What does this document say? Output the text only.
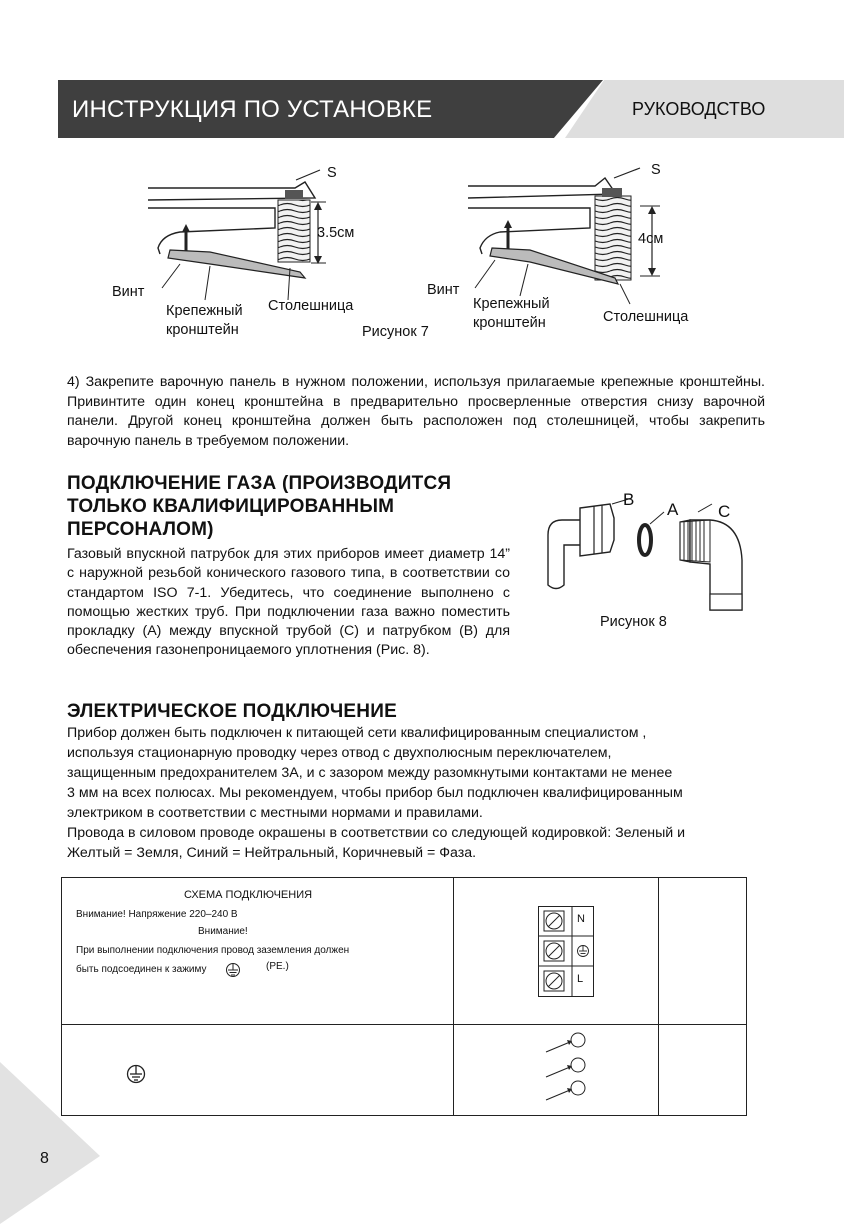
ИНСТРУКЦИЯ ПО УСТАНОВКЕ	РУКОВОДСТВО
S
3.5см
Винт
Крепежный
кронштейн
Столешница
S
4см
Винт
Крепежный
кронштейн	Столешница
Рисунок 7
4) Закрепите варочную панель в нужном положении, используя прилагаемые крепежные кронштейны. Привинтите один конец кронштейна в предварительно просверленные отверстия снизу варочной панели. Другой конец кронштейна должен быть расположен под столешницей, чтобы закрепить варочную панель в требуемом положении.
ПОДКЛЮЧЕНИЕ ГАЗА (ПРОИЗВОДИТСЯ
ТОЛЬКО КВАЛИФИЦИРОВАННЫМ
ПЕРСОНАЛОМ)
Газовый впускной патрубок для этих приборов имеет диаметр 14” с наружной резьбой конического газового типа, в соответствии со стандартом ISO 7-1. Убедитесь, что соединение выполнено с помощью жестких труб. При подключении газа важно поместить прокладку (А) между впускной трубой (С) и патрубком (В) для обеспечения газонепроницаемого уплотнения (Рис. 8).
B
A C
Рисунок 8
ЭЛЕКТРИЧЕСКОЕ ПОДКЛЮЧЕНИЕ
Прибор должен быть подключен к питающей сети квалифицированным специалистом ,
используя стационарную проводку через отвод с двухполюсным переключателем,
защищенным предохранителем 3А, и с зазором между разомкнутыми контактами не менее
3 мм на всех полюсах. Мы рекомендуем, чтобы прибор был подключен квалифицированным
электриком в соответствии с местными нормами и правилами.
Провода в силовом проводе окрашены в соответствии со следующей кодировкой: Зеленый и
Желтый = Земля, Синий = Нейтральный, Коричневый = Фаза.
СХЕМА ПОДКЛЮЧЕНИЯ
Внимание! Напряжение 220–240 В
Внимание!
При выполнении подключения провод заземления должен
быть подсоединен к зажиму	(PE.)
N
L
8
